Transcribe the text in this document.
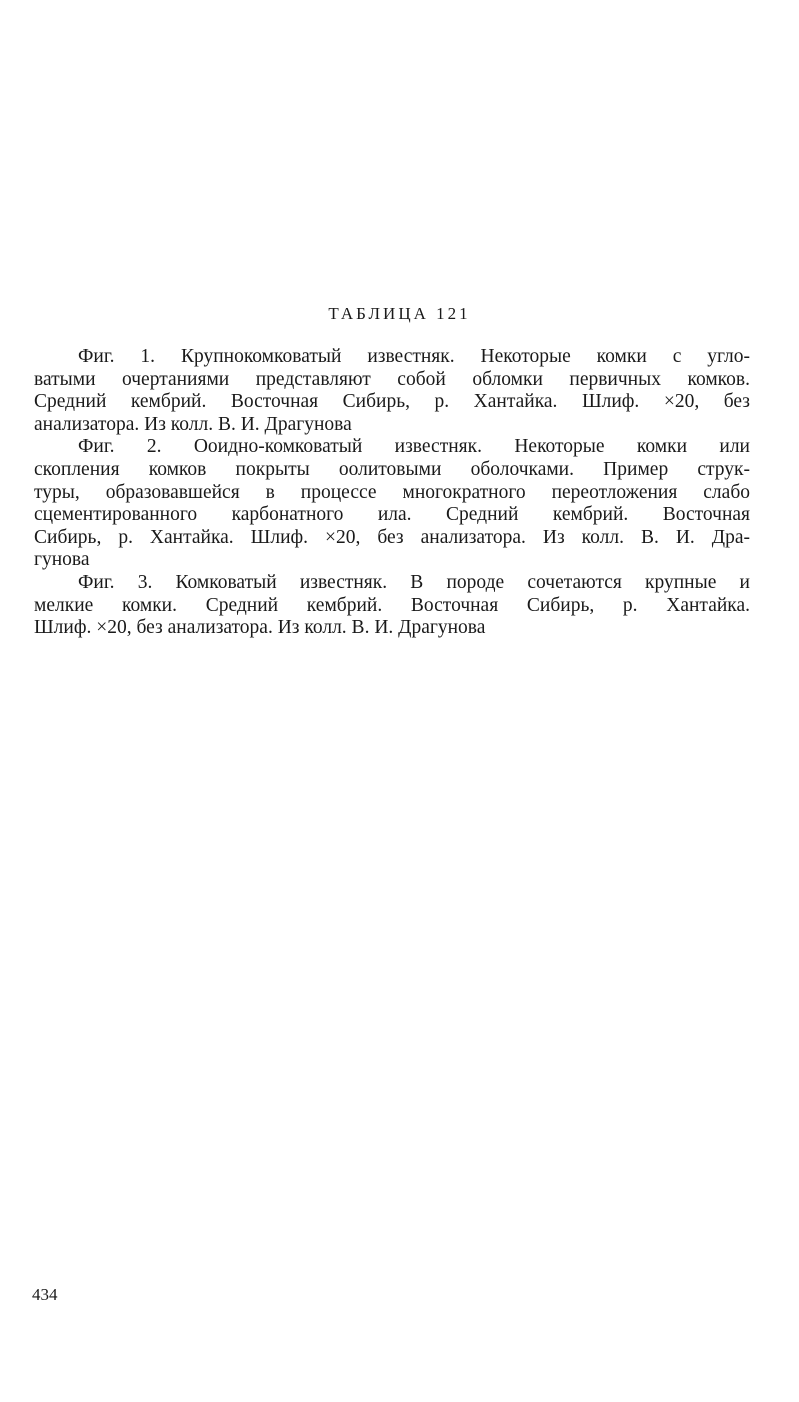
ТАБЛИЦА 121
Фиг. 1. Крупнокомковатый известняк. Некоторые комки с угло-
ватыми очертаниями представляют собой обломки первичных комков.
Средний кембрий. Восточная Сибирь, р. Хантайка. Шлиф. ×20, без
анализатора. Из колл. В. И. Драгунова
Фиг. 2. Ооидно-комковатый известняк. Некоторые комки или
скопления комков покрыты оолитовыми оболочками. Пример струк-
туры, образовавшейся в процессе многократного переотложения слабо
сцементированного карбонатного ила. Средний кембрий. Восточная
Сибирь, р. Хантайка. Шлиф. ×20, без анализатора. Из колл. В. И. Дра-
гунова
Фиг. 3. Комковатый известняк. В породе сочетаются крупные и
мелкие комки. Средний кембрий. Восточная Сибирь, р. Хантайка.
Шлиф. ×20, без анализатора. Из колл. В. И. Драгунова
434
